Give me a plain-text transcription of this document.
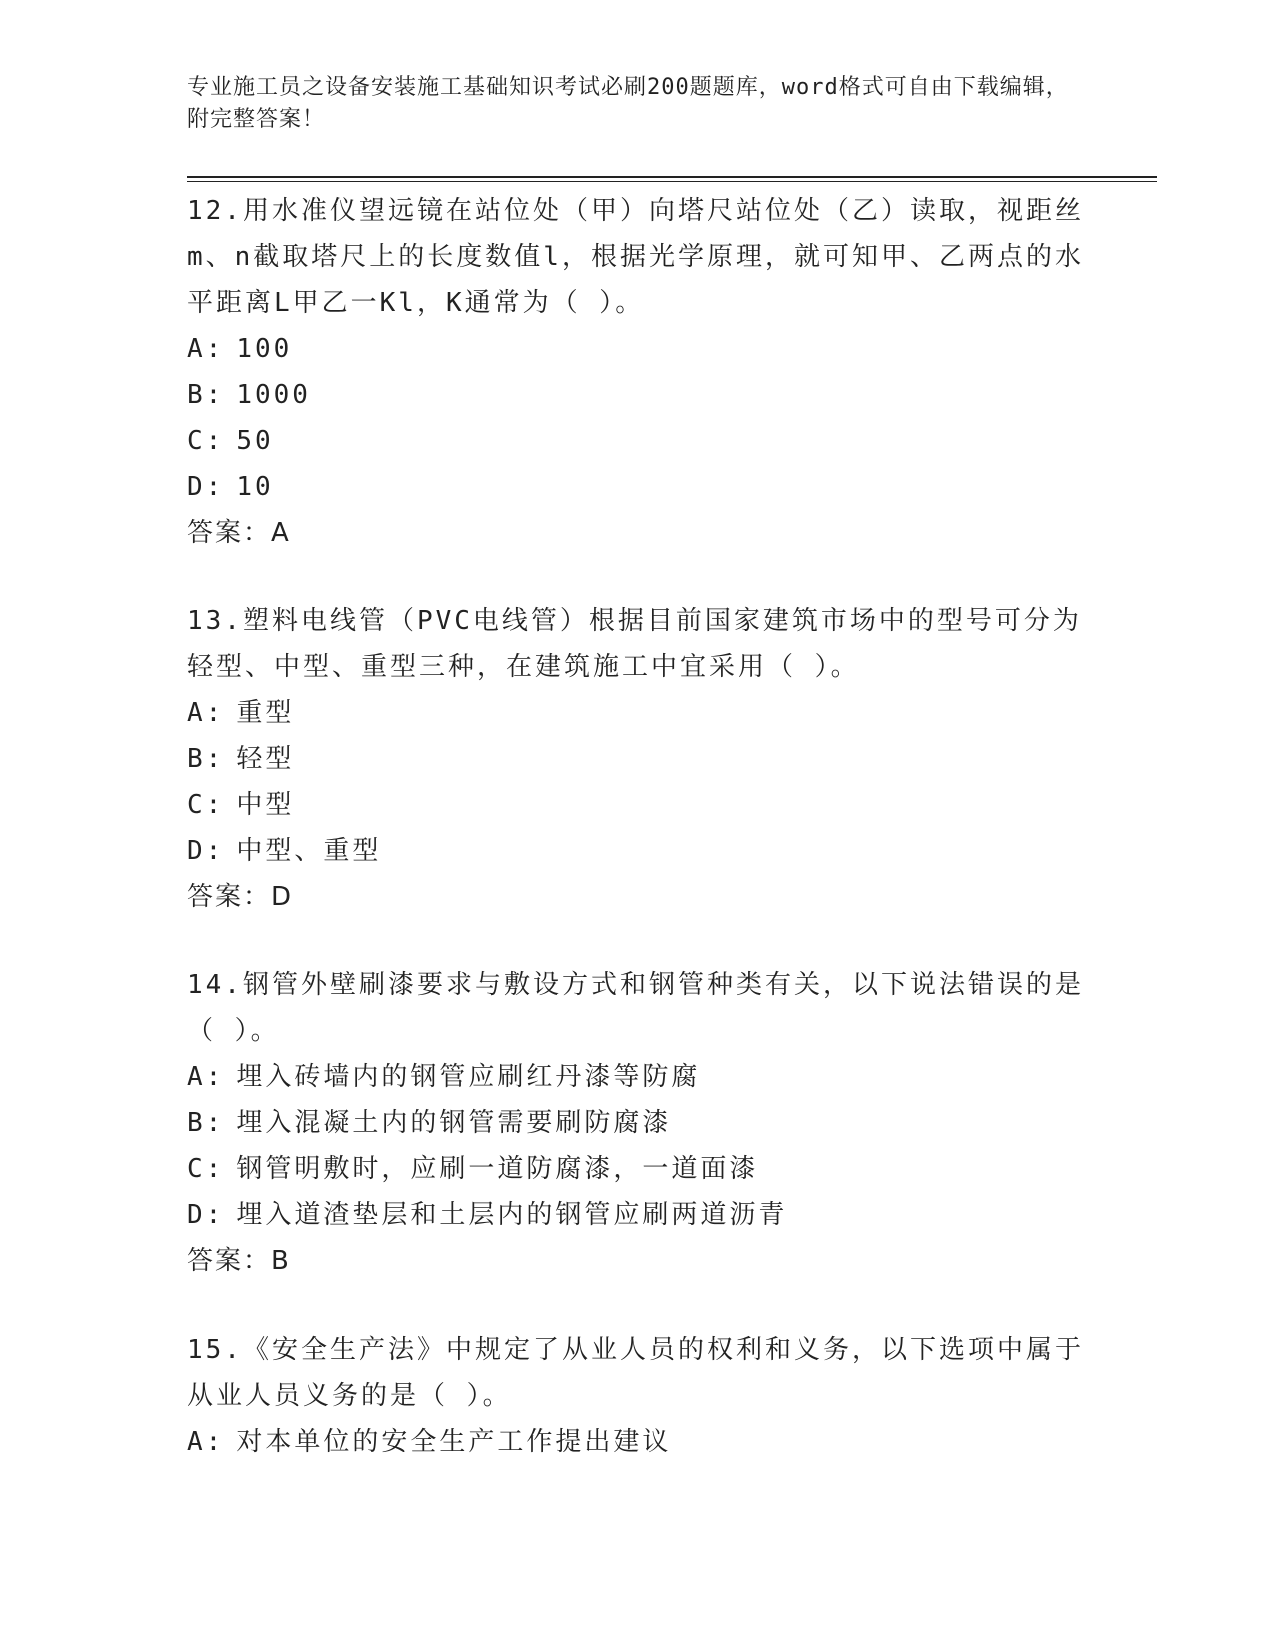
专业施工员之设备安装施工基础知识考试必刷200题题库，word格式可自由下载编辑，附完整答案！
12.用水准仪望远镜在站位处（甲）向塔尺站位处（乙）读取，视距丝m、n截取塔尺上的长度数值l，根据光学原理，就可知甲、乙两点的水平距离L甲乙一Kl，K通常为（ ）。
A: 100
B: 1000
C: 50
D: 10
答案：A
13.塑料电线管（PVC电线管）根据目前国家建筑市场中的型号可分为轻型、中型、重型三种，在建筑施工中宜采用（ ）。
A: 重型
B: 轻型
C: 中型
D: 中型、重型
答案：D
14.钢管外壁刷漆要求与敷设方式和钢管种类有关，以下说法错误的是（ ）。
A: 埋入砖墙内的钢管应刷红丹漆等防腐
B: 埋入混凝土内的钢管需要刷防腐漆
C: 钢管明敷时，应刷一道防腐漆，一道面漆
D: 埋入道渣垫层和土层内的钢管应刷两道沥青
答案：B
15.《安全生产法》中规定了从业人员的权利和义务，以下选项中属于从业人员义务的是（ ）。
A: 对本单位的安全生产工作提出建议
